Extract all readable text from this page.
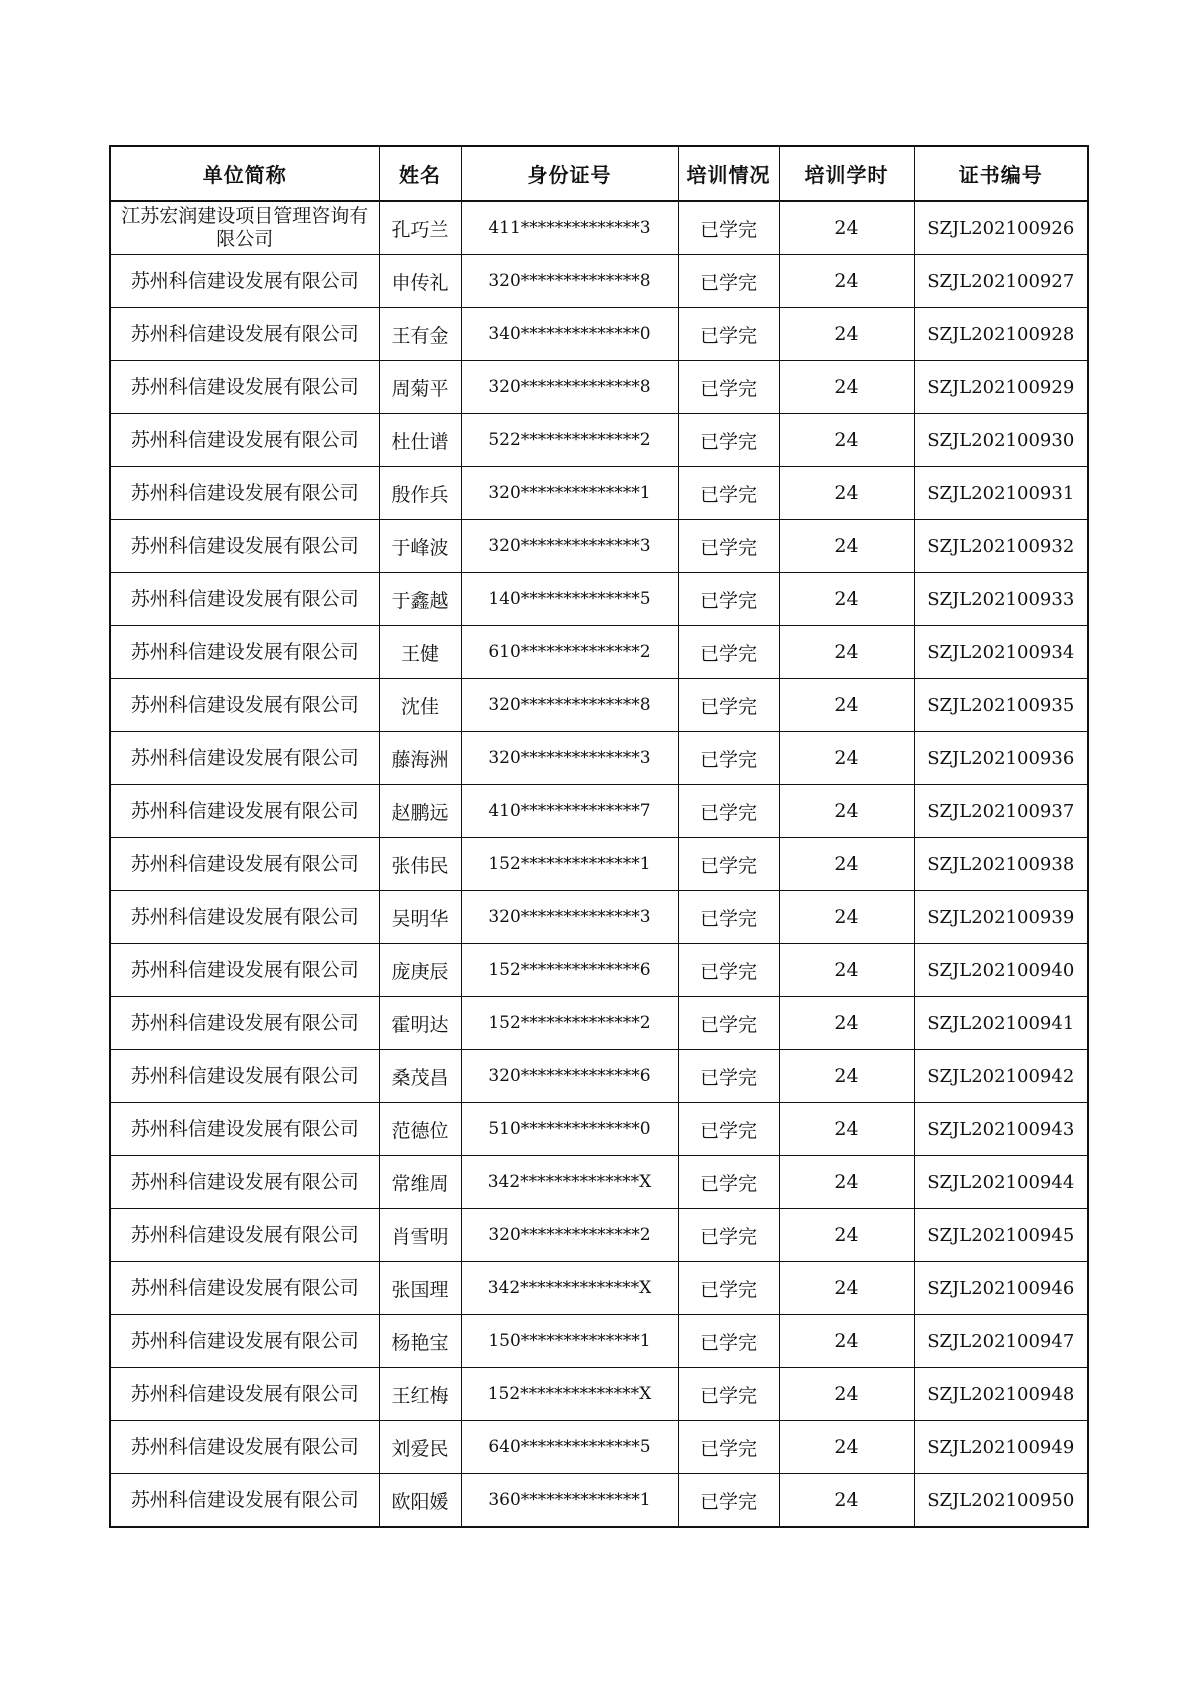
单位简称	姓名	身份证号	培训情况	培训学时	证书编号
江苏宏润建设项目管理咨询有限公司	孔巧兰	411**************3	已学完	24	SZJL202100926
苏州科信建设发展有限公司	申传礼	320**************8	已学完	24	SZJL202100927
苏州科信建设发展有限公司	王有金	340**************0	已学完	24	SZJL202100928
苏州科信建设发展有限公司	周菊平	320**************8	已学完	24	SZJL202100929
苏州科信建设发展有限公司	杜仕谱	522**************2	已学完	24	SZJL202100930
苏州科信建设发展有限公司	殷作兵	320**************1	已学完	24	SZJL202100931
苏州科信建设发展有限公司	于峰波	320**************3	已学完	24	SZJL202100932
苏州科信建设发展有限公司	于鑫越	140**************5	已学完	24	SZJL202100933
苏州科信建设发展有限公司	王健	610**************2	已学完	24	SZJL202100934
苏州科信建设发展有限公司	沈佳	320**************8	已学完	24	SZJL202100935
苏州科信建设发展有限公司	藤海洲	320**************3	已学完	24	SZJL202100936
苏州科信建设发展有限公司	赵鹏远	410**************7	已学完	24	SZJL202100937
苏州科信建设发展有限公司	张伟民	152**************1	已学完	24	SZJL202100938
苏州科信建设发展有限公司	吴明华	320**************3	已学完	24	SZJL202100939
苏州科信建设发展有限公司	庞庚辰	152**************6	已学完	24	SZJL202100940
苏州科信建设发展有限公司	霍明达	152**************2	已学完	24	SZJL202100941
苏州科信建设发展有限公司	桑茂昌	320**************6	已学完	24	SZJL202100942
苏州科信建设发展有限公司	范德位	510**************0	已学完	24	SZJL202100943
苏州科信建设发展有限公司	常维周	342**************X	已学完	24	SZJL202100944
苏州科信建设发展有限公司	肖雪明	320**************2	已学完	24	SZJL202100945
苏州科信建设发展有限公司	张国理	342**************X	已学完	24	SZJL202100946
苏州科信建设发展有限公司	杨艳宝	150**************1	已学完	24	SZJL202100947
苏州科信建设发展有限公司	王红梅	152**************X	已学完	24	SZJL202100948
苏州科信建设发展有限公司	刘爱民	640**************5	已学完	24	SZJL202100949
苏州科信建设发展有限公司	欧阳媛	360**************1	已学完	24	SZJL202100950
